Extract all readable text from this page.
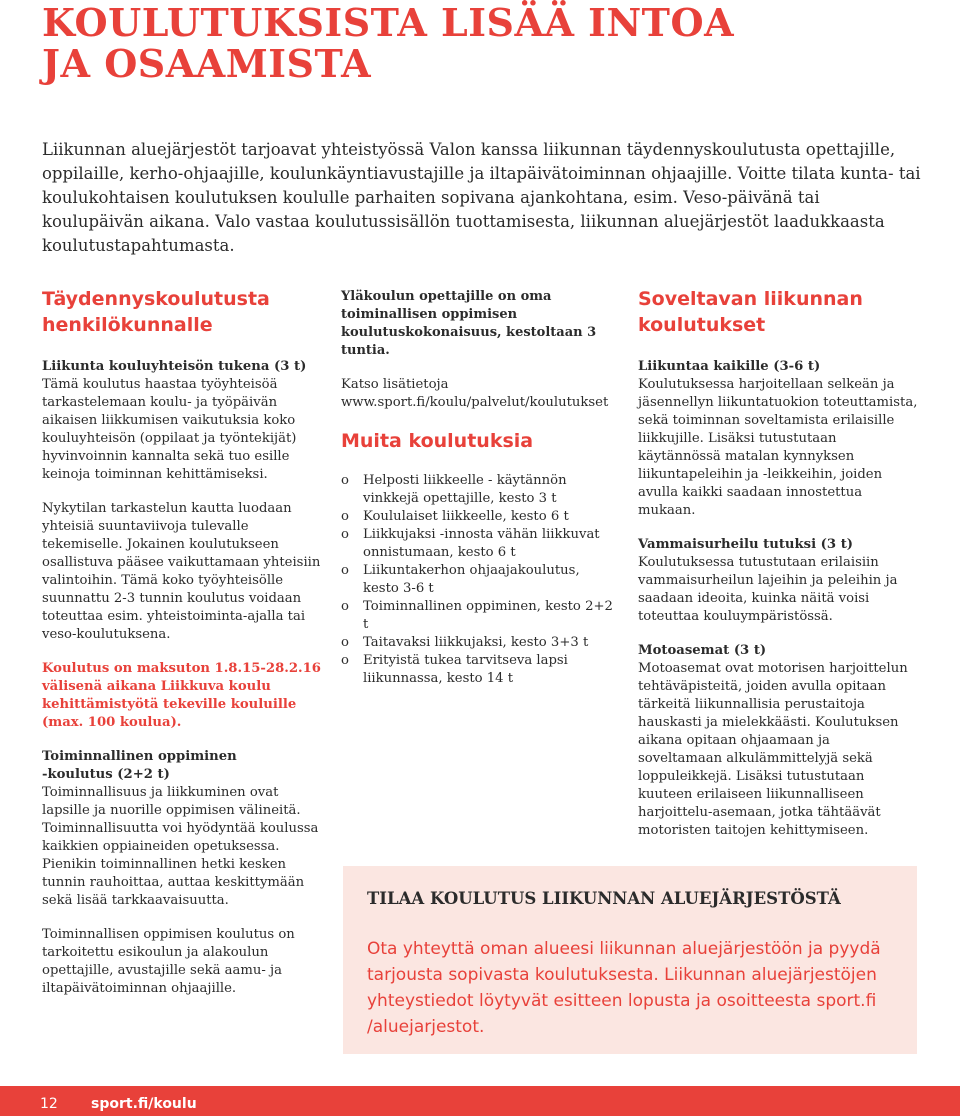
KOULUTUKSISTA LISÄÄ INTOA
JA OSAAMISTA

Liikunnan aluejärjestöt tarjoavat yhteistyössä Valon kanssa liikunnan täydennyskoulutusta opettajille, oppilaille, kerho-ohjaajille, koulunkäyntiavustajille ja iltapäivätoiminnan ohjaajille. Voitte tilata kunta- tai koulukohtaisen koulutuksen koululle parhaiten sopivana ajankohtana, esim. Veso-päivänä tai koulupäivän aikana. Valo vastaa koulutussisällön tuottamisesta, liikunnan aluejärjestöt laadukkaasta koulutustapahtumasta.

Täydennyskoulutusta henkilökunnalle
Liikunta kouluyhteisön tukena (3 t)

Tämä koulutus haastaa työyhteisöä tarkastelemaan koulu- ja työpäivän aikaisen liikkumisen vaikutuksia koko kouluyhteisön (oppilaat ja työntekijät) hyvinvoinnin kannalta sekä tuo esille keinoja toiminnan kehittämiseksi.

Nykytilan tarkastelun kautta luodaan yhteisiä suuntaviivoja tulevalle tekemiselle. Jokainen koulutukseen osallistuva pääsee vaikuttamaan yhteisiin valintoihin. Tämä koko työyhteisölle suunnattu 2-3 tunnin koulutus voidaan toteuttaa esim. yhteistoiminta-ajalla tai veso-koulutuksena.

Koulutus on maksuton 1.8.15-28.2.16 välisenä aikana Liikkuva koulu kehittämistyötä tekeville kouluille (max. 100 koulua).

Toiminnallinen oppiminen -koulutus (2+2 t)

Toiminnallisuus ja liikkuminen ovat lapsille ja nuorille oppimisen välineitä. Toiminnallisuutta voi hyödyntää koulussa kaikkien oppiaineiden opetuksessa. Pienikin toiminnallinen hetki kesken tunnin rauhoittaa, auttaa keskittymään sekä lisää tarkkaavaisuutta.

Toiminnallisen oppimisen koulutus on tarkoitettu esikoulun ja alakoulun opettajille, avustajille sekä aamu- ja iltapäivätoiminnan ohjaajille.

Yläkoulun opettajille on oma toiminallisen oppimisen koulutuskokonaisuus, kestoltaan 3 tuntia.

Katso lisätietoja www.sport.fi/koulu/palvelut/koulutukset

Muita koulutuksia
o Helposti liikkeelle - käytännön vinkkejä opettajille, kesto 3 t
o Koululaiset liikkeelle, kesto 6 t
o Liikkujaksi -innosta vähän liikkuvat onnistumaan, kesto 6 t
o Liikuntakerhon ohjaajakoulutus, kesto 3-6 t
o Toiminnallinen oppiminen, kesto 2+2 t
o Taitavaksi liikkujaksi, kesto 3+3 t
o Erityistä tukea tarvitseva lapsi liikunnassa, kesto 14 t
Soveltavan liikunnan koulutukset
Liikuntaa kaikille (3-6 t)

Koulutuksessa harjoitellaan selkeän ja jäsennellyn liikuntatuokion toteuttamista, sekä toiminnan soveltamista erilaisille liikkujille. Lisäksi tutustutaan käytännössä matalan kynnyksen liikuntapeleihin ja -leikkeihin, joiden avulla kaikki saadaan innostettua mukaan.

Vammaisurheilu tutuksi (3 t)

Koulutuksessa tutustutaan erilaisiin vammaisurheilun lajeihin ja peleihin ja saadaan ideoita, kuinka näitä voisi toteuttaa kouluympäristössä.

Motoasemat (3 t)

Motoasemat ovat motorisen harjoittelun tehtäväpisteitä, joiden avulla opitaan tärkeitä liikunnallisia perustaitoja hauskasti ja mielekkäästi. Koulutuksen aikana opitaan ohjaamaan ja soveltamaan alkulämmittelyjä sekä loppuleikkejä. Lisäksi tutustutaan kuuteen erilaiseen liikunnalliseen harjoittelu-asemaan, jotka tähtäävät motoristen taitojen kehittymiseen.

TILAA KOULUTUS LIIKUNNAN ALUEJÄRJESTÖSTÄ
Ota yhteyttä oman alueesi liikunnan aluejärjestöön ja pyydä tarjousta sopivasta koulutuksesta. Liikunnan aluejärjestöjen yhteystiedot löytyvät esitteen lopusta ja osoitteesta sport.fi /aluejarjestot.
12 sport.fi/koulu
